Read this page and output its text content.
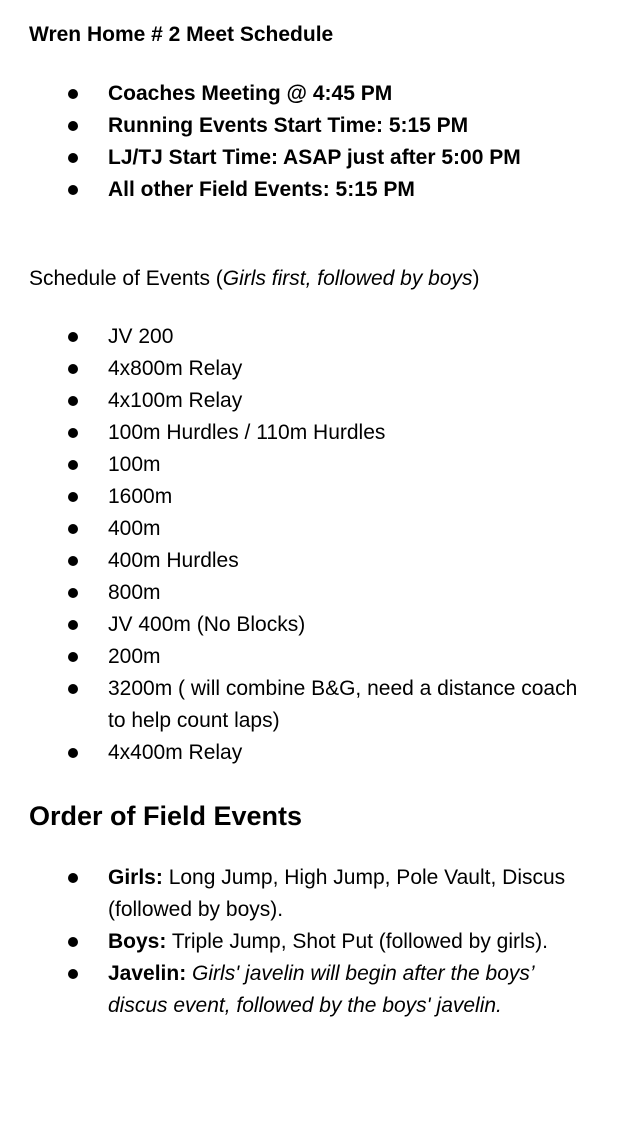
Wren Home # 2 Meet Schedule
Coaches Meeting @ 4:45 PM
Running Events Start Time: 5:15 PM
LJ/TJ Start Time: ASAP just after 5:00 PM
All other Field Events: 5:15 PM

Schedule of Events (Girls first, followed by boys)

JV 200
4x800m Relay
4x100m Relay
100m Hurdles / 110m Hurdles
100m
1600m
400m
400m Hurdles
800m
JV 400m (No Blocks)
200m
3200m ( will combine B&G, need a distance coach to help count laps)
4x400m Relay
Order of Field Events
Girls: Long Jump, High Jump, Pole Vault, Discus (followed by boys).
Boys: Triple Jump, Shot Put (followed by girls).
Javelin: Girls' javelin will begin after the boys’ discus event, followed by the boys' javelin.
